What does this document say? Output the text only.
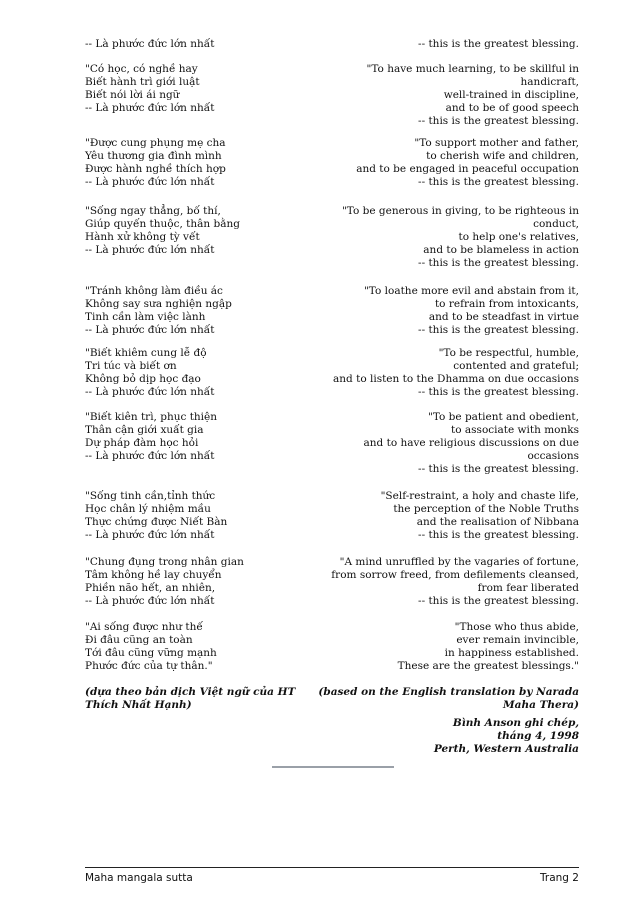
-- Là phước đức lớn nhất	-- this is the greatest blessing.
"Có học, có nghề hay
Biết hành trì giới luật
Biết nói lời ái ngữ
-- Là phước đức lớn nhất
"To have much learning, to be skillful in
handicraft,
well-trained in discipline,
and to be of good speech
-- this is the greatest blessing.
"Được cung phụng mẹ cha
Yêu thương gia đình mình
Được hành nghề thích hợp
-- Là phước đức lớn nhất
"To support mother and father,
to cherish wife and children,
and to be engaged in peaceful occupation
-- this is the greatest blessing.
"Sống ngay thẳng, bố thí,
Giúp quyến thuộc, thân bằng
Hành xử không tỳ vết
-- Là phước đức lớn nhất
"To be generous in giving, to be righteous in
conduct,
to help one's relatives,
and to be blameless in action
-- this is the greatest blessing.
"Tránh không làm điều ác
Không say sưa nghiện ngập
Tinh cần làm việc lành
-- Là phước đức lớn nhất
"To loathe more evil and abstain from it,
to refrain from intoxicants,
and to be steadfast in virtue
-- this is the greatest blessing.
"Biết khiêm cung lễ độ
Tri túc và biết ơn
Không bỏ dịp học đạo
-- Là phước đức lớn nhất
"To be respectful, humble,
contented and grateful;
and to listen to the Dhamma on due occasions
-- this is the greatest blessing.
"Biết kiên trì, phục thiện
Thân cận giới xuất gia
Dự pháp đàm học hỏi
-- Là phước đức lớn nhất
"To be patient and obedient,
to associate with monks
and to have religious discussions on due
occasions
-- this is the greatest blessing.
"Sống tinh cần,tỉnh thức
Học chân lý nhiệm mầu
Thực chứng được Niết Bàn
-- Là phước đức lớn nhất
"Self-restraint, a holy and chaste life,
the perception of the Noble Truths
and the realisation of Nibbana
-- this is the greatest blessing.
"Chung đụng trong nhân gian
Tâm không hề lay chuyển
Phiền não hết, an nhiên,
-- Là phước đức lớn nhất
"A mind unruffled by the vagaries of fortune,
from sorrow freed, from defilements cleansed,
from fear liberated
-- this is the greatest blessing.
"Ai sống được như thế
Đi đâu cũng an toàn
Tới đâu cũng vững mạnh
Phước đức của tự thân."
"Those who thus abide,
ever remain invincible,
in happiness established.
These are the greatest blessings."
(dựa theo bản dịch Việt ngữ của HT
Thích Nhất Hạnh)
(based on the English translation by Narada
Maha Thera)
Bình Anson ghi chép,
tháng 4, 1998
Perth, Western Australia
Maha mangala sutta	Trang 2
